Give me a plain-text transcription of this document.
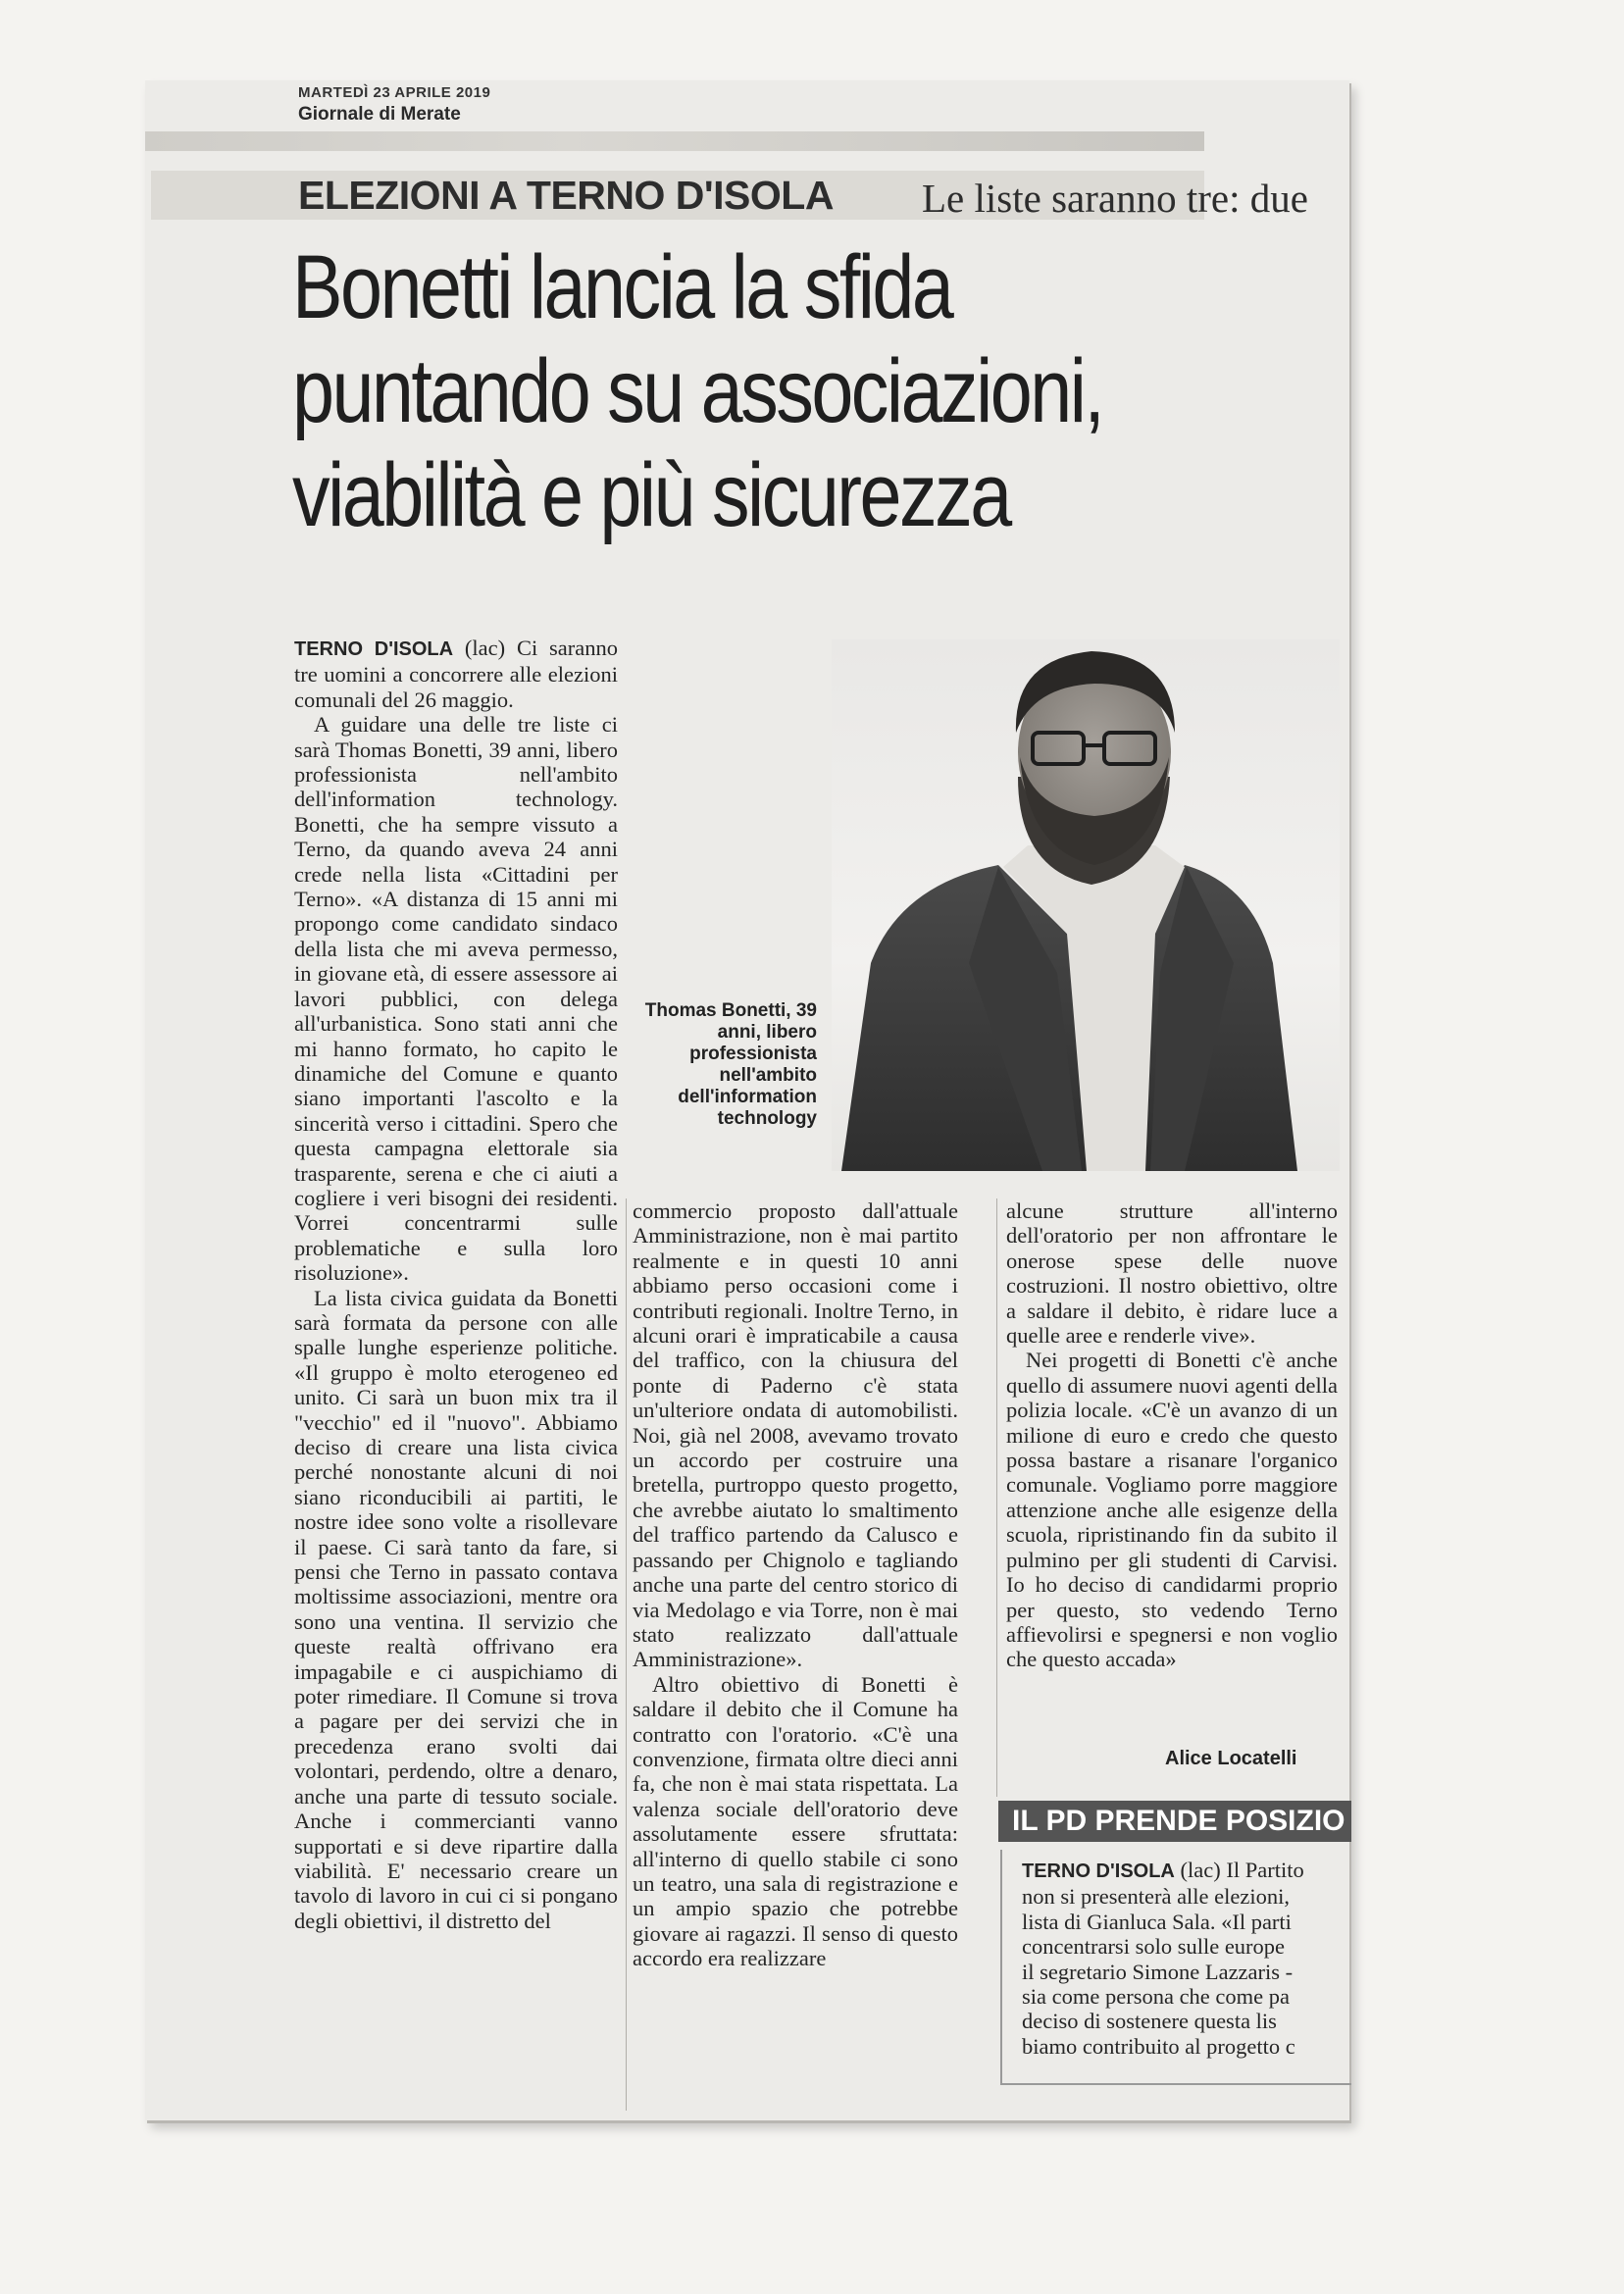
MARTEDÌ 23 APRILE 2019
Giornale di Merate
ELEZIONI A TERNO D'ISOLA Le liste saranno tre: due
Bonetti lancia la sfida
puntando su associazioni,
viabilità e più sicurezza

TERNO D'ISOLA (lac) Ci saranno tre uomini a concorrere alle elezioni comunali del 26 maggio.

A guidare una delle tre liste ci sarà Thomas Bonetti, 39 anni, libero professionista nell'ambito dell'information technology. Bonetti, che ha sempre vissuto a Terno, da quando aveva 24 anni crede nella lista «Cittadini per Terno». «A distanza di 15 anni mi propongo come candidato sindaco della lista che mi aveva permesso, in giovane età, di essere assessore ai lavori pubblici, con delega all'urbanistica. Sono stati anni che mi hanno formato, ho capito le dinamiche del Comune e quanto siano importanti l'ascolto e la sincerità verso i cittadini. Spero che questa campagna elettorale sia trasparente, serena e che ci aiuti a cogliere i veri bisogni dei residenti. Vorrei concentrarmi sulle problematiche e sulla loro risoluzione».

La lista civica guidata da Bonetti sarà formata da persone con alle spalle lunghe esperienze politiche. «Il gruppo è molto eterogeneo ed unito. Ci sarà un buon mix tra il "vecchio" ed il "nuovo". Abbiamo deciso di creare una lista civica perché nonostante alcuni di noi siano riconducibili ai partiti, le nostre idee sono volte a risollevare il paese. Ci sarà tanto da fare, si pensi che Terno in passato contava moltissime associazioni, mentre ora sono una ventina. Il servizio che queste realtà offrivano era impagabile e ci auspichiamo di poter rimediare. Il Comune si trova a pagare per dei servizi che in precedenza erano svolti dai volontari, perdendo, oltre a denaro, anche una parte di tessuto sociale. Anche i commercianti vanno supportati e si deve ripartire dalla viabilità. E' necessario creare un tavolo di lavoro in cui ci si pongano degli obiettivi, il distretto del

Thomas Bonetti, 39 anni, libero professionista nell'ambito dell'information technology

commercio proposto dall'attuale Amministrazione, non è mai partito realmente e in questi 10 anni abbiamo perso occasioni come i contributi regionali. Inoltre Terno, in alcuni orari è impraticabile a causa del traffico, con la chiusura del ponte di Paderno c'è stata un'ulteriore ondata di automobilisti. Noi, già nel 2008, avevamo trovato un accordo per costruire una bretella, purtroppo questo progetto, che avrebbe aiutato lo smaltimento del traffico partendo da Calusco e passando per Chignolo e tagliando anche una parte del centro storico di via Medolago e via Torre, non è mai stato realizzato dall'attuale Amministrazione».

Altro obiettivo di Bonetti è saldare il debito che il Comune ha contratto con l'oratorio. «C'è una convenzione, firmata oltre dieci anni fa, che non è mai stata rispettata. La valenza sociale dell'oratorio deve assolutamente essere sfruttata: all'interno di quello stabile ci sono un teatro, una sala di registrazione e un ampio spazio che potrebbe giovare ai ragazzi. Il senso di questo accordo era realizzare

alcune strutture all'interno dell'oratorio per non affrontare le onerose spese delle nuove costruzioni. Il nostro obiettivo, oltre a saldare il debito, è ridare luce a quelle aree e renderle vive».

Nei progetti di Bonetti c'è anche quello di assumere nuovi agenti della polizia locale. «C'è un avanzo di un milione di euro e credo che questo possa bastare a risanare l'organico comunale. Vogliamo porre maggiore attenzione anche alle esigenze della scuola, ripristinando fin da subito il pulmino per gli studenti di Carvisi. Io ho deciso di candidarmi proprio per questo, sto vedendo Terno affievolirsi e spegnersi e non voglio che questo accada»

Alice Locatelli
IL PD PRENDE POSIZIO

TERNO D'ISOLA (lac) Il Partito

non si presenterà alle elezioni,

lista di Gianluca Sala. «Il parti

concentrarsi solo sulle europe

il segretario Simone Lazzaris -

sia come persona che come pa

deciso di sostenere questa lis

biamo contribuito al progetto c
